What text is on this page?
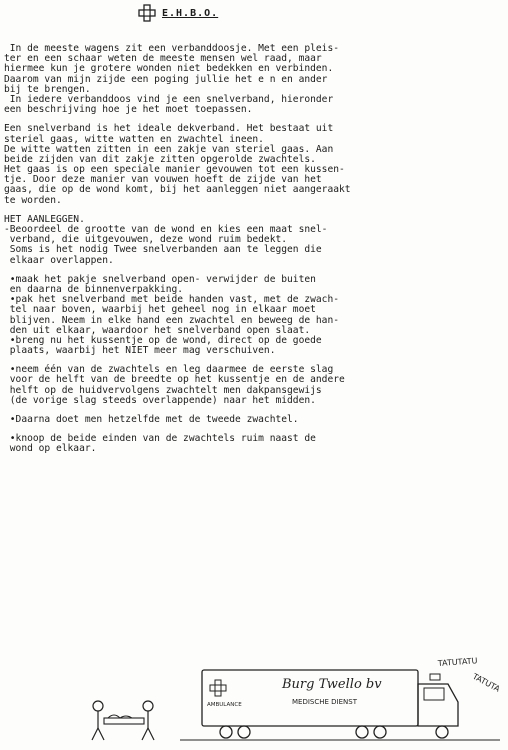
E.H.B.O.
In de meeste wagens zit een verbanddoosje. Met een pleis-
ter en een schaar weten de meeste mensen wel raad, maar
hiermee kun je grotere wonden niet bedekken en verbinden.
Daarom van mijn zijde een poging jullie het e n en ander
bij te brengen.
In iedere verbanddoos vind je een snelverband, hieronder
een beschrijving hoe je het moet toepassen.
Een snelverband is het ideale dekverband. Het bestaat uit
steriel gaas, witte watten en zwachtel ineen.
De witte watten zitten in een zakje van steriel gaas. Aan
beide zijden van dit zakje zitten opgerolde zwachtels.
Het gaas is op een speciale manier gevouwen tot een kussen-
tje. Door deze manier van vouwen hoeft de zijde van het
gaas, die op de wond komt, bij het aanleggen niet aangeraakt
te worden.
HET AANLEGGEN.
-Beoordeel de grootte van de wond en kies een maat snel-
verband, die uitgevouwen, deze wond ruim bedekt.
Soms is het nodig Twee snelverbanden aan te leggen die
elkaar overlappen.
•maak het pakje snelverband open- verwijder de buiten
en daarna de binnenverpakking.
•pak het snelverband met beide handen vast, met de zwach-
tel naar boven, waarbij het geheel nog in elkaar moet
blijven. Neem in elke hand een zwachtel en beweeg de han-
den uit elkaar, waardoor het snelverband open slaat.
•breng nu het kussentje op de wond, direct op de goede
plaats, waarbij het NIET meer mag verschuiven.
•neem één van de zwachtels en leg daarmee de eerste slag
voor de helft van de breedte op het kussentje en de andere
helft op de huidvervolgens zwachtelt men dakpansgewijs
(de vorige slag steeds overlappende) naar het midden.
•Daarna doet men hetzelfde met de tweede zwachtel.
•knoop de beide einden van de zwachtels ruim naast de
wond op elkaar.
TATUTATU
TATUTA
AMBULANCE
Burg Twello bv
MEDISCHE DIENST
